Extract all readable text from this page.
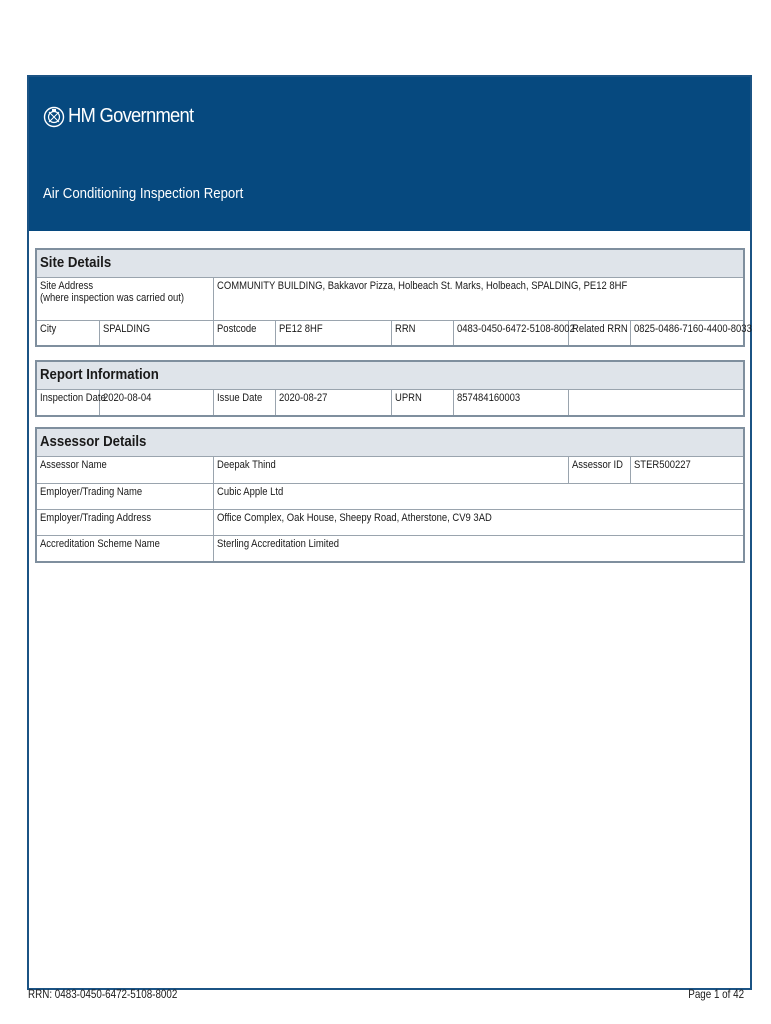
HM Government
Air Conditioning Inspection Report
Site Details
Site Address
(where inspection was carried out)		COMMUNITY BUILDING, Bakkavor Pizza, Holbeach St. Marks, Holbeach, SPALDING, PE12 8HF					
City	SPALDING	Postcode	PE12 8HF	RRN	0483-0450-6472-5108-8002	Related RRN	0825-0486-7160-4400-8033
Report Information
Inspection Date	2020-08-04	Issue Date	2020-08-27	UPRN	857484160003	
Assessor Details
Assessor Name	Deepak Thind	Assessor ID	STER500227
Employer/Trading Name	Cubic Apple Ltd		
Employer/Trading Address	Office Complex, Oak House, Sheepy Road, Atherstone, CV9 3AD		
Accreditation Scheme Name	Sterling Accreditation Limited		
RRN: 0483-0450-6472-5108-8002	Page 1 of 42
